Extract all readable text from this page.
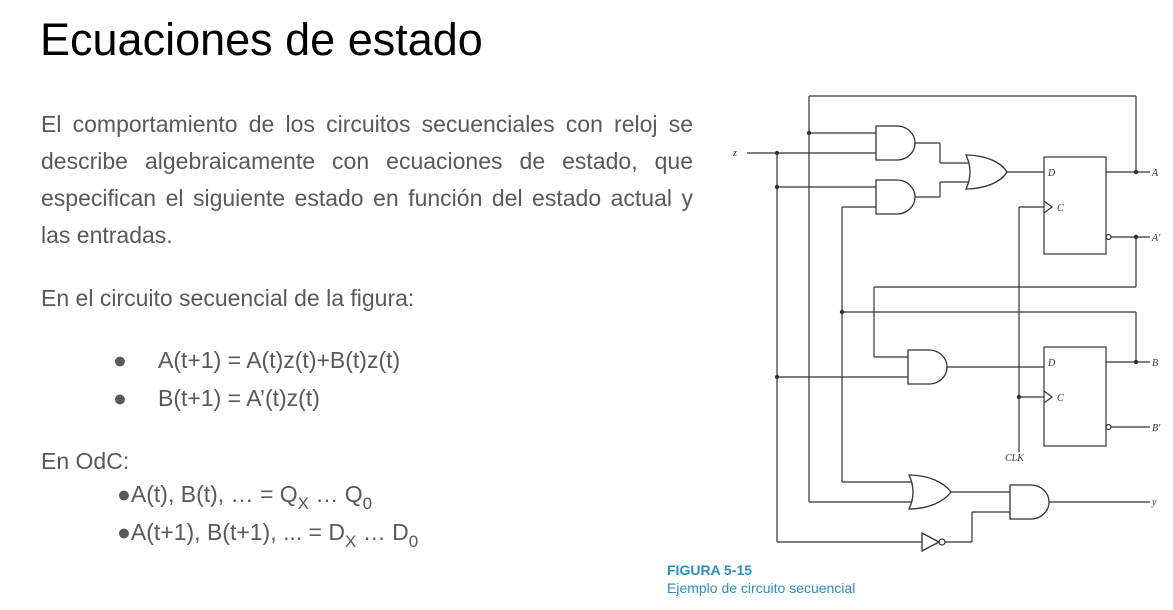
Ecuaciones de estado

El comportamiento de los circuitos secuenciales con reloj se describe algebraicamente con ecuaciones de estado, que especifican el siguiente estado en función del estado actual y las entradas.

En el circuito secuencial de la figura:

● A(t+1) = A(t)z(t)+B(t)z(t)
● B(t+1) = A’(t)z(t)

En OdC:

●A(t), B(t), … = $Q_X$ … $Q_0$
●A(t+1), B(t+1), ... = $D_X$ … $D_0$
z
D
C
D
C
A
A′
B
B′
CLK
y
FIGURA 5-15
Ejemplo de circuito secuencial
